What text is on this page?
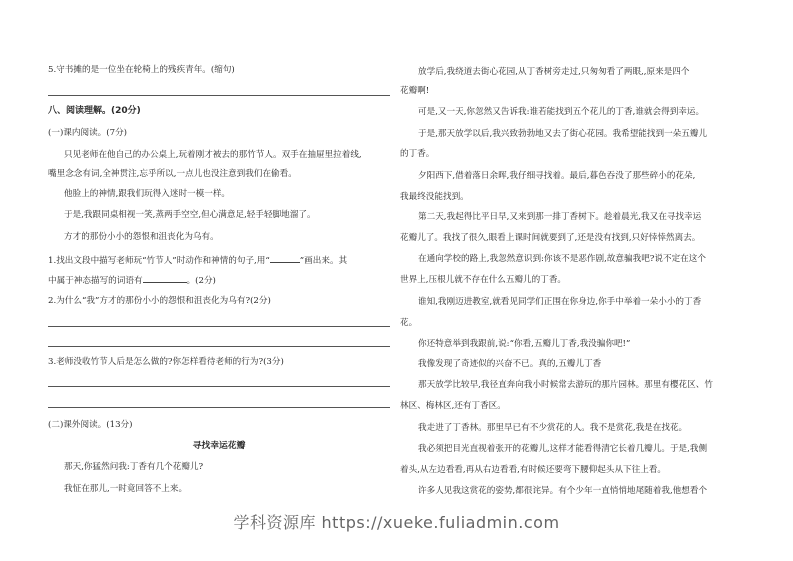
5.守书摊的是一位坐在轮椅上的残疾青年。(缩句)
八、阅读理解。(20分)
(一)课内阅读。(7分)
只见老师在他自己的办公桌上,玩着刚才被去的那竹节人。双手在抽屉里拉着线,
嘴里念念有词,全神贯注,忘乎所以,一点儿也没注意到我们在偷看。
他脸上的神情,跟我们玩得入迷时一模一样。
于是,我跟同桌相视一笑,蒸两手空空,但心满意足,轻手轻脚地溜了。
方才的那份小小的怨恨和沮丧化为乌有。
1.找出文段中描写老师玩“竹节人”时动作和神情的句子,用“	”画出来。其
中属于神态描写的词语有	。(2分)
2.为什么“我”方才的那份小小的怨恨和沮丧化为乌有?(2分)
3.老师没收竹节人后是怎么做的?你怎样看待老师的行为?(3分)
(二)课外阅读。(13分)
寻找幸运花瓣
那天,你猛然问我:丁香有几个花瓣儿?
我怔在那儿,一时竟回答不上来。
放学后,我绕道去街心花园,从丁香树旁走过,只匆匆看了两眼,,原来是四个
花瓣啊!
可是,又一天,你忽然又告诉我:谁若能找到五个花儿的丁香,谁就会得到幸运。
于是,那天放学以后,我兴致勃勃地又去了街心花园。我希望能找到一朵五瓣儿
的丁香。
夕阳西下,借着落日余晖,我仔细寻找着。最后,暮色吞没了那些碎小的花朵,
我最终没能找到。
第二天,我起得比平日早,又来到那一排丁香树下。趁着晨光,我又在寻找幸运
花瓣儿了。我找了很久,眼看上课时间就要到了,还是没有找到,只好悻悻然离去。
在通向学校的路上,我忽然意识到:你该不是恶作剧,故意骗我吧?说不定在这个
世界上,压根儿就不存在什么五瓣儿的丁香。
谁知,我刚迈进教室,就看见同学们正围在你身边,你手中举着一朵小小的丁香
花。
你还特意举到我跟前,说:“你看,五瓣儿丁香,我没骗你吧!”
我像发现了奇迹似的兴奋不已。真的,五瓣儿丁香
那天放学比较早,我径直奔向我小时候常去游玩的那片园林。那里有樱花区、竹
林区、梅林区,还有丁香区。
我走进了丁香林。那里早已有不少赏花的人。我不是赏花,我是在找花。
我必须把目光直视着张开的花瓣儿,这样才能看得清它长着几瓣儿。于是,我侧
着头,从左边看看,再从右边看看,有时候还要弯下腰仰起头从下往上看。
许多人见我这赏花的姿势,都很诧异。有个少年一直悄悄地尾随着我,他想看个
学科资源库 https://xueke.fuliadmin.com
